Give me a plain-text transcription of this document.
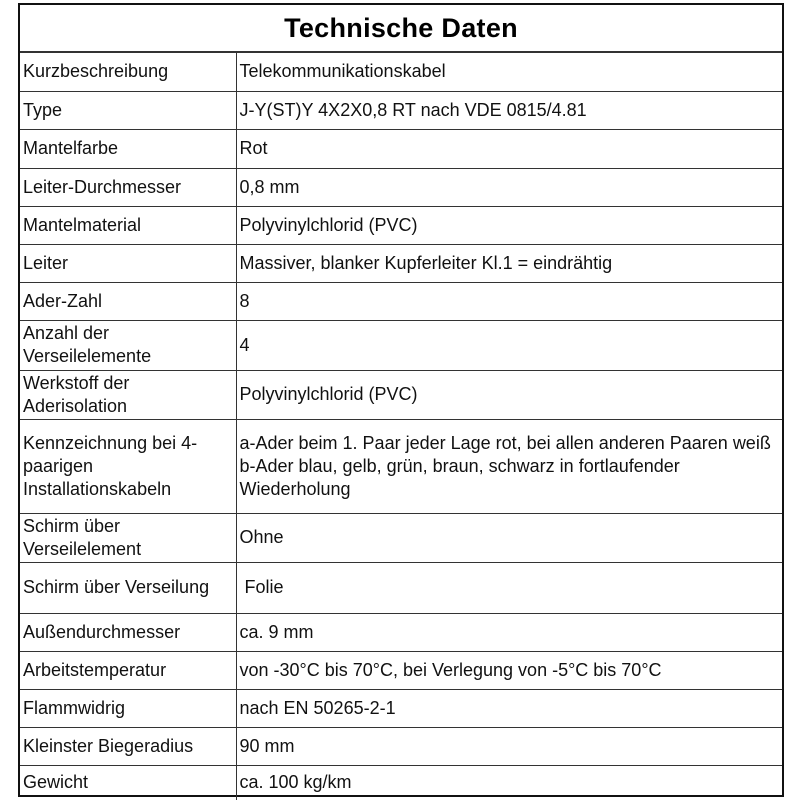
Technische Daten
Kurzbeschreibung	Telekommunikationskabel
Type	J-Y(ST)Y 4X2X0,8 RT nach VDE 0815/4.81
Mantelfarbe	Rot
Leiter-Durchmesser	0,8 mm
Mantelmaterial	Polyvinylchlorid (PVC)
Leiter	Massiver, blanker Kupferleiter Kl.1 = eindrähtig
Ader-Zahl	8
Anzahl der Verseilelemente	4
Werkstoff der Aderisolation	Polyvinylchlorid (PVC)
Kennzeichnung bei 4-paarigen Installationskabeln	a-Ader beim 1. Paar jeder Lage rot, bei allen anderen Paaren weiß
b-Ader blau, gelb, grün, braun, schwarz in fortlaufender Wiederholung
Schirm über Verseilelement	Ohne
Schirm über Verseilung	Folie
Außendurchmesser	ca. 9 mm
Arbeitstemperatur	von -30°C bis 70°C, bei Verlegung von -5°C bis 70°C
Flammwidrig	nach EN 50265-2-1
Kleinster Biegeradius	90 mm
Gewicht	ca. 100 kg/km
